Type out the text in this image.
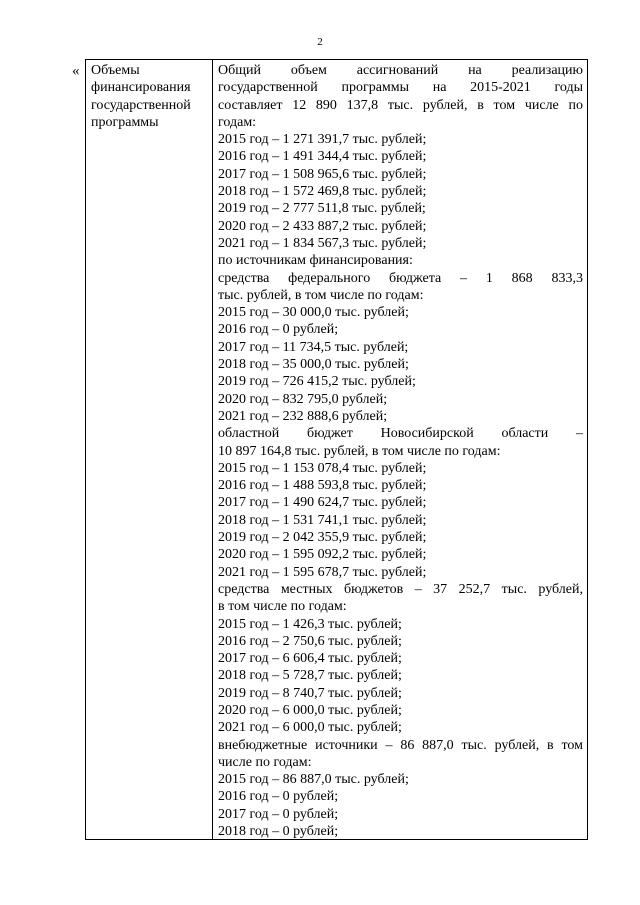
2
« Объемы
финансирования
государственной
программы
Общий объем ассигнований на реализацию
государственной программы на 2015-2021 годы
составляет 12 890 137,8 тыс. рублей, в том числе по
годам:
2015 год – 1 271 391,7 тыс. рублей;
2016 год – 1 491 344,4 тыс. рублей;
2017 год – 1 508 965,6 тыс. рублей;
2018 год – 1 572 469,8 тыс. рублей;
2019 год – 2 777 511,8 тыс. рублей;
2020 год – 2 433 887,2 тыс. рублей;
2021 год – 1 834 567,3 тыс. рублей;
по источникам финансирования:
средства федерального бюджета – 1 868 833,3
тыс. рублей, в том числе по годам:
2015 год – 30 000,0 тыс. рублей;
2016 год – 0 рублей;
2017 год – 11 734,5 тыс. рублей;
2018 год – 35 000,0 тыс. рублей;
2019 год – 726 415,2 тыс. рублей;
2020 год – 832 795,0 рублей;
2021 год – 232 888,6 рублей;
областной бюджет Новосибирской области –
10 897 164,8 тыс. рублей, в том числе по годам:
2015 год – 1 153 078,4 тыс. рублей;
2016 год – 1 488 593,8 тыс. рублей;
2017 год – 1 490 624,7 тыс. рублей;
2018 год – 1 531 741,1 тыс. рублей;
2019 год – 2 042 355,9 тыс. рублей;
2020 год – 1 595 092,2 тыс. рублей;
2021 год – 1 595 678,7 тыс. рублей;
средства местных бюджетов – 37 252,7 тыс. рублей,
в том числе по годам:
2015 год – 1 426,3 тыс. рублей;
2016 год – 2 750,6 тыс. рублей;
2017 год – 6 606,4 тыс. рублей;
2018 год – 5 728,7 тыс. рублей;
2019 год – 8 740,7 тыс. рублей;
2020 год – 6 000,0 тыс. рублей;
2021 год – 6 000,0 тыс. рублей;
внебюджетные источники – 86 887,0 тыс. рублей, в том
числе по годам:
2015 год – 86 887,0 тыс. рублей;
2016 год – 0 рублей;
2017 год – 0 рублей;
2018 год – 0 рублей;
